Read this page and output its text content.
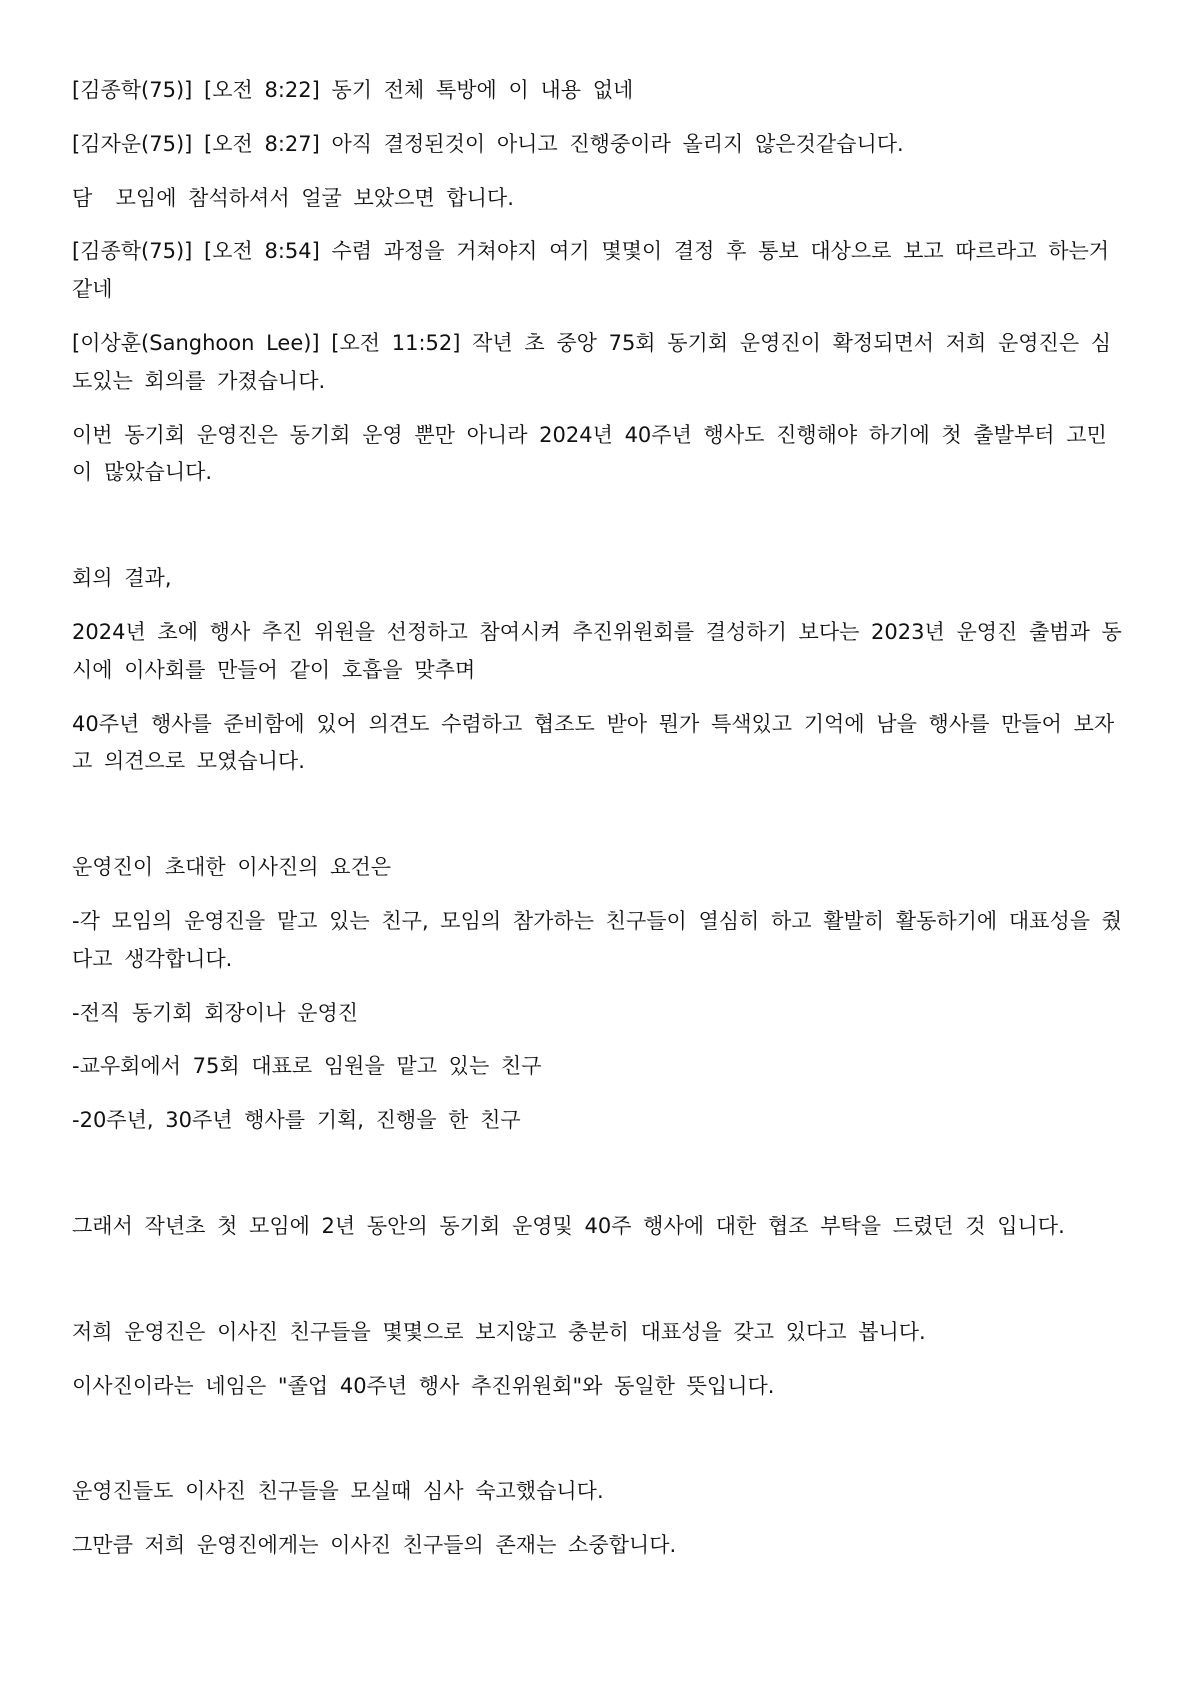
[김종학(75)] [오전 8:22] 동기 전체 톡방에 이 내용 없네

[김자운(75)] [오전 8:27] 아직 결정된것이 아니고 진행중이라 올리지 않은것같습니다.

담  모임에 참석하셔서 얼굴 보았으면 합니다.

[김종학(75)] [오전 8:54] 수렴 과정을 거쳐야지 여기 몇몇이 결정 후 통보 대상으로 보고 따르라고 하는거 같네

[이상훈(Sanghoon Lee)] [오전 11:52] 작년 초 중앙 75회 동기회 운영진이 확정되면서 저희 운영진은 심도있는 회의를 가졌습니다.

이번 동기회 운영진은 동기회 운영 뿐만 아니라 2024년 40주년 행사도 진행해야 하기에 첫 출발부터 고민이 많았습니다.

회의 결과,

2024년 초에 행사 추진 위원을 선정하고 참여시켜 추진위원회를 결성하기 보다는 2023년 운영진 출범과 동시에 이사회를 만들어 같이 호흡을 맞추며

40주년 행사를 준비함에 있어 의견도 수렴하고 협조도 받아 뭔가 특색있고 기억에 남을 행사를 만들어 보자고 의견으로 모였습니다.

운영진이 초대한 이사진의 요건은

-각 모임의 운영진을 맡고 있는 친구, 모임의 참가하는 친구들이 열심히 하고 활발히 활동하기에 대표성을 줬다고 생각합니다.

-전직 동기회 회장이나 운영진

-교우회에서 75회 대표로 임원을 맡고 있는 친구

-20주년, 30주년 행사를 기획, 진행을 한 친구

그래서 작년초 첫 모임에 2년 동안의 동기회 운영및 40주 행사에 대한 협조 부탁을 드렸던 것 입니다.

저희 운영진은 이사진 친구들을 몇몇으로 보지않고 충분히 대표성을 갖고 있다고 봅니다.

이사진이라는 네임은 "졸업 40주년 행사 추진위원회"와 동일한 뜻입니다.

운영진들도 이사진 친구들을 모실때 심사 숙고했습니다.

그만큼 저희 운영진에게는 이사진 친구들의 존재는 소중합니다.
